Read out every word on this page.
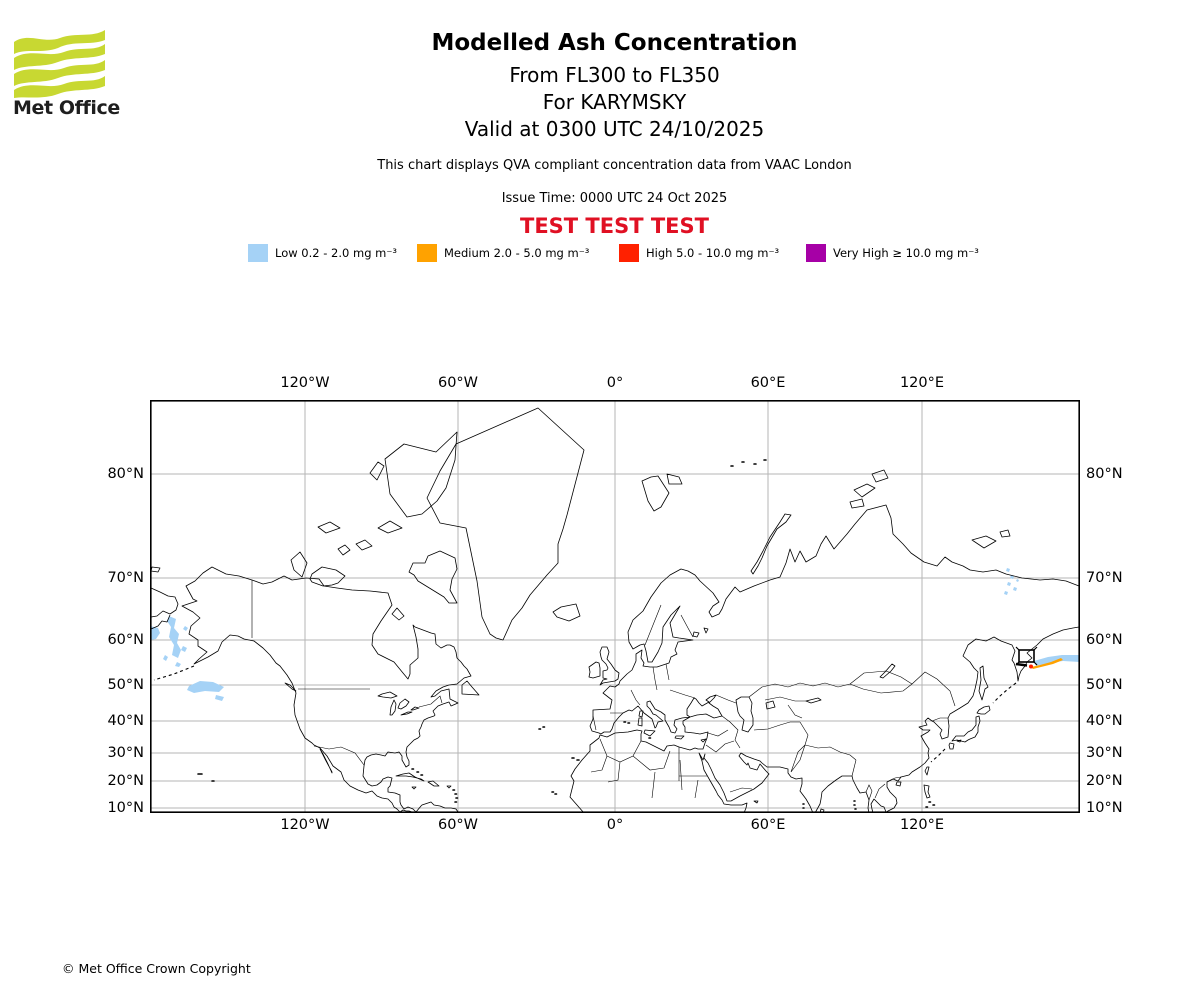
Met Office
Modelled Ash Concentration
From FL300 to FL350
For KARYMSKY
Valid at 0300 UTC 24/10/2025
This chart displays QVA compliant concentration data from VAAC London
Issue Time: 0000 UTC 24 Oct 2025
TEST TEST TEST
Low 0.2 - 2.0 mg m⁻³	Medium 2.0 - 5.0 mg m⁻³	High 5.0 - 10.0 mg m⁻³	Very High ≥ 10.0 mg m⁻³
120°W	60°W	0°	60°E	120°E
120°W	60°W	0°	60°E	120°E
80°N
70°N
60°N
50°N
40°N
30°N
20°N
10°N
80°N
70°N
60°N
50°N
40°N
30°N
20°N
10°N
© Met Office Crown Copyright
